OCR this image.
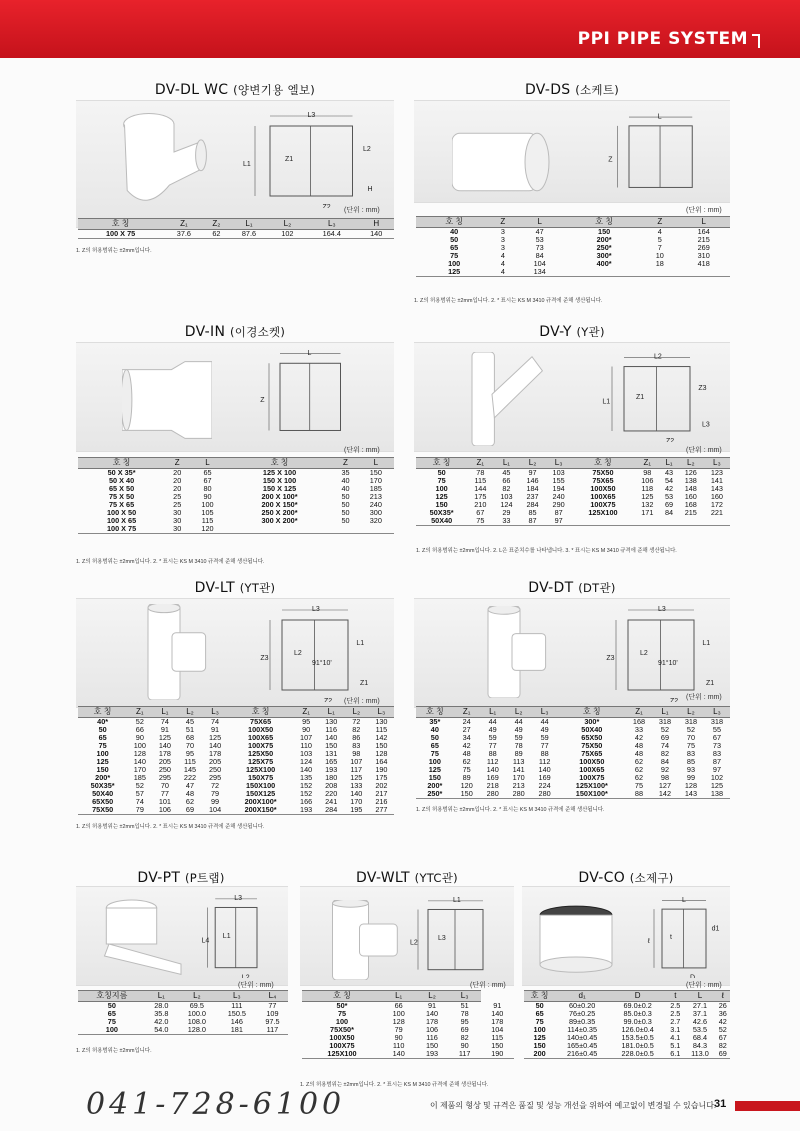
PPI PIPE SYSTEM
DV-DL WC (양변기용 엘보)
L3
L1
Z1
Z2
L2
H
(단위 : mm)
호 칭	Z₁	Z₂	L₁	L₂	L₃	H
100 X 75	37.6	62	87.6	102	164.4	140
1. Z의 허용범위는 ±2mm입니다.
DV-DS (소케트)
L
Z
(단위 : mm)
호 칭	Z	L	호 칭	Z	L
40	3	47	150	4	164
50	3	53	200*	5	215
65	3	73	250*	7	269
75	4	84	300*	10	310
100	4	104	400*	18	418
125	4	134			
1. Z의 허용범위는 ±2mm입니다. 2. * 표시는 KS M 3410 규격에 준해 생산됩니다.
DV-IN (이경소켓)
L
Z
(단위 : mm)
호 칭	Z	L	호 칭	Z	L
50 X 35*	20	65	125 X 100	35	150
50 X 40	20	67	150 X 100	40	170
65 X 50	20	80	150 X 125	40	185
75 X 50	25	90	200 X 100*	50	213
75 X 65	25	100	200 X 150*	50	240
100 X 50	30	105	250 X 200*	50	300
100 X 65	30	115	300 X 200*	50	320
100 X 75	30	120			
1. Z의 허용범위는 ±2mm입니다. 2. * 표시는 KS M 3410 규격에 준해 생산됩니다.
DV-Y (Y관)
L2
L1
Z1
Z2
Z3
L3
(단위 : mm)
호 칭	Z₁	L₁	L₂	L₃	호 칭	Z₁	L₁	L₂	L₃
50	78	45	97	103	75X50	98	43	126	123
75	115	66	146	155	75X65	106	54	138	141
100	144	82	184	194	100X50	118	42	148	143
125	175	103	237	240	100X65	125	53	160	160
150	210	124	284	290	100X75	132	69	168	172
50X35*	67	29	85	87	125X100	171	84	215	221
50X40	75	33	87	97					
1. Z의 허용범위는 ±2mm입니다. 2. L은 표준치수를 나타냅니다. 3. * 표시는 KS M 3410 규격에 준해 생산됩니다.
DV-LT (YT관)
L3
Z3
L2
Z2
L1
Z1
91°10'
(단위 : mm)
호 칭	Z₁	L₁	L₂	L₃	호 칭	Z₁	L₁	L₂	L₃
40*	52	74	45	74	75X65	95	130	72	130
50	66	91	51	91	100X50	90	116	82	115
65	90	125	68	125	100X65	107	140	86	142
75	100	140	70	140	100X75	110	150	83	150
100	128	178	95	178	125X50	103	131	98	128
125	140	205	115	205	125X75	124	165	107	164
150	170	250	145	250	125X100	140	193	117	190
200*	185	295	222	295	150X75	135	180	125	175
50X35*	52	70	47	72	150X100	152	208	133	202
50X40	57	77	48	79	150X125	152	220	140	217
65X50	74	101	62	99	200X100*	166	241	170	216
75X50	79	106	69	104	200X150*	193	284	195	277
1. Z의 허용범위는 ±2mm입니다. 2. * 표시는 KS M 3410 규격에 준해 생산됩니다.
DV-DT (DT관)
L3
Z3
L2
Z2
L1
Z1
91°10'
(단위 : mm)
호 칭	Z₁	L₁	L₂	L₃	호 칭	Z₁	L₁	L₂	L₃
35*	24	44	44	44	300*	168	318	318	318
40	27	49	49	49	50X40	33	52	52	55
50	34	59	59	59	65X50	42	69	70	67
65	42	77	78	77	75X50	48	74	75	73
75	48	88	89	88	75X65	48	82	83	83
100	62	112	113	112	100X50	62	84	85	87
125	75	140	141	140	100X65	62	92	93	97
150	89	169	170	169	100X75	62	98	99	102
200*	120	218	213	224	125X100*	75	127	128	125
250*	150	280	280	280	150X100*	88	142	143	138
1. Z의 허용범위는 ±2mm입니다. 2. * 표시는 KS M 3410 규격에 준해 생산됩니다.
DV-PT (P트랩)
L3
L4
L1
L2
(단위 : mm)
호칭지름	L₁	L₂	L₃	L₄
50	28.0	69.5	111	77
65	35.8	100.0	150.5	109
75	42.0	108.0	146	97.5
100	54.0	128.0	181	117
1. Z의 허용범위는 ±2mm입니다.
DV-WLT (YTC관)
L1
L2
L3
(단위 : mm)
호 칭	L₁	L₂	L₃	
50*	66	91	51	91
75	100	140	78	140
100	128	178	95	178
75X50*	79	106	69	104
100X50	90	116	82	115
100X75	110	150	90	150
125X100	140	193	117	190
1. Z의 허용범위는 ±2mm입니다. 2. * 표시는 KS M 3410 규격에 준해 생산됩니다.
DV-CO (소제구)
L
ℓ
t
D
d1
(단위 : mm)
호 칭	d₁	D	t	L	ℓ
50	60±0.20	69.0±0.2	2.5	27.1	26
65	76±0.25	85.0±0.3	2.5	37.1	36
75	89±0.35	99.0±0.3	2.7	42.6	42
100	114±0.35	126.0±0.4	3.1	53.5	52
125	140±0.45	153.5±0.5	4.1	68.4	67
150	165±0.45	181.0±0.5	5.1	84.3	82
200	216±0.45	228.0±0.5	6.1	113.0	69
041-728-6100	이 제품의 형상 및 규격은 품질 및 성능 개선을 위하여 예고없이 변경될 수 있습니다.
31
